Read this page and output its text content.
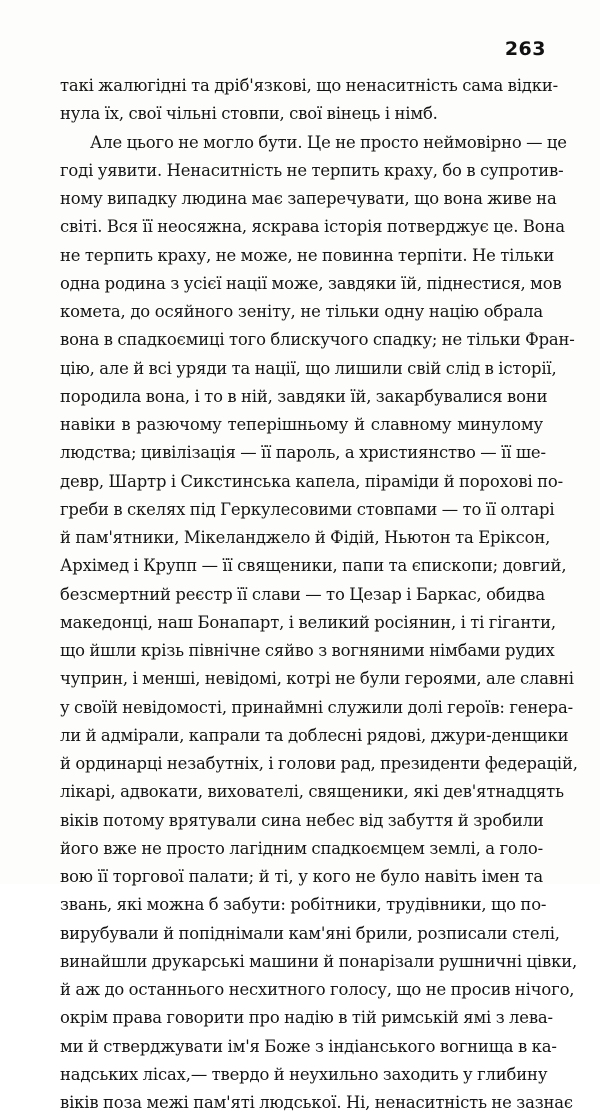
263
такі жалюгідні та дріб'язкові, що ненаситність сама відки-
нула їх, свої чільні стовпи, свої вінець і німб.
Але цього не могло бути. Це не просто неймовірно — це
годі уявити. Ненаситність не терпить краху, бо в супротив-
ному випадку людина має заперечувати, що вона живе на
світі. Вся її неосяжна, яскрава історія потверджує це. Вона
не терпить краху, не може, не повинна терпіти. Не тільки
одна родина з усієї нації може, завдяки їй, піднестися, мов
комета, до осяйного зеніту, не тільки одну націю обрала
вона в спадкоємиці того блискучого спадку; не тільки Фран-
цію, але й всі уряди та нації, що лишили свій слід в історії,
породила вона, і то в ній, завдяки їй, закарбувалися вони
навіки в разючому теперішньому й славному минулому
людства; цивілізація — її пароль, а християнство — її ше-
девр, Шартр і Сикстинська капела, піраміди й порохові по-
греби в скелях під Геркулесовими стовпами — то її олтарі
й пам'ятники, Мікеланджело й Фідій, Ньютон та Еріксон,
Архімед і Крупп — її священики, папи та єпископи; довгий,
безсмертний реєстр її слави — то Цезар і Баркас, обидва
македонці, наш Бонапарт, і великий росіянин, і ті гіганти,
що йшли крізь північне сяйво з вогняними німбами рудих
чуприн, і менші, невідомі, котрі не були героями, але славні
у своїй невідомості, принаймні служили долі героїв: генера-
ли й адмірали, капрали та доблесні рядові, джури-денщики
й ординарці незабутніх, і голови рад, президенти федерацій,
лікарі, адвокати, вихователі, священики, які дев'ятнадцять
віків потому врятували сина небес від забуття й зробили
його вже не просто лагідним спадкоємцем землі, а голо-
вою її торгової палати; й ті, у кого не було навіть імен та
звань, які можна б забути: робітники, трудівники, що по-
вирубували й попіднімали кам'яні брили, розписали стелі,
винайшли друкарські машини й понарізали рушничні цівки,
й аж до останнього несхитного голосу, що не просив нічого,
окрім права говорити про надію в тій римській ямі з лева-
ми й стверджувати ім'я Боже з індіанського вогнища в ка-
надських лісах,— твердо й неухильно заходить у глибину
віків поза межі пам'яті людської. Ні, ненаситність не зазнає
